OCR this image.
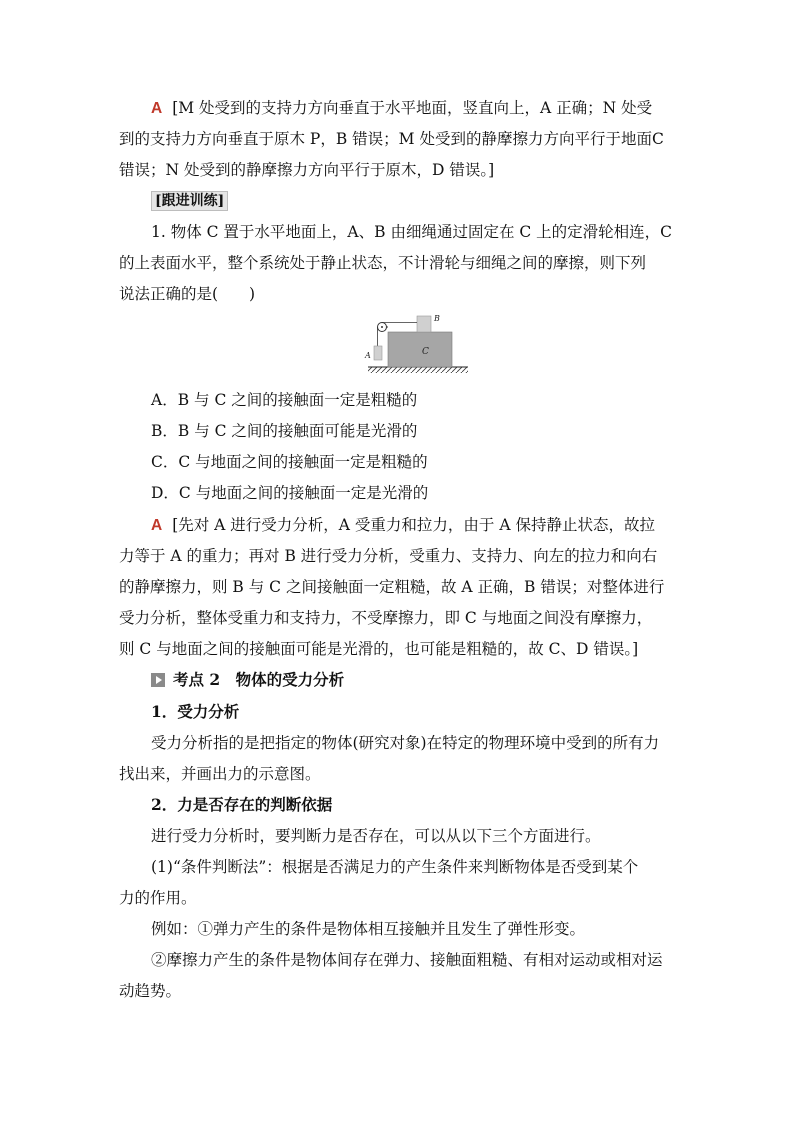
A [M 处受到的支持力方向垂直于水平地面，竖直向上，A 正确；N 处受
到的支持力方向垂直于原木 P，B 错误；M 处受到的静摩擦力方向平行于地面C
错误；N 处受到的静摩擦力方向平行于原木，D 错误。]
[跟进训练]
1. 物体 C 置于水平地面上，A、B 由细绳通过固定在 C 上的定滑轮相连，C
的上表面水平，整个系统处于静止状态，不计滑轮与细绳之间的摩擦，则下列
说法正确的是(　　)
C
B
A
A．B 与 C 之间的接触面一定是粗糙的
B．B 与 C 之间的接触面可能是光滑的
C．C 与地面之间的接触面一定是粗糙的
D．C 与地面之间的接触面一定是光滑的
A [先对 A 进行受力分析，A 受重力和拉力，由于 A 保持静止状态，故拉
力等于 A 的重力；再对 B 进行受力分析，受重力、支持力、向左的拉力和向右
的静摩擦力，则 B 与 C 之间接触面一定粗糙，故 A 正确，B 错误；对整体进行
受力分析，整体受重力和支持力，不受摩擦力，即 C 与地面之间没有摩擦力，
则 C 与地面之间的接触面可能是光滑的，也可能是粗糙的，故 C、D 错误。]
考点 2　物体的受力分析
1．受力分析
受力分析指的是把指定的物体(研究对象)在特定的物理环境中受到的所有力
找出来，并画出力的示意图。
2．力是否存在的判断依据
进行受力分析时，要判断力是否存在，可以从以下三个方面进行。
(1)“条件判断法”：根据是否满足力的产生条件来判断物体是否受到某个
力的作用。
例如：①弹力产生的条件是物体相互接触并且发生了弹性形变。
②摩擦力产生的条件是物体间存在弹力、接触面粗糙、有相对运动或相对运
动趋势。
